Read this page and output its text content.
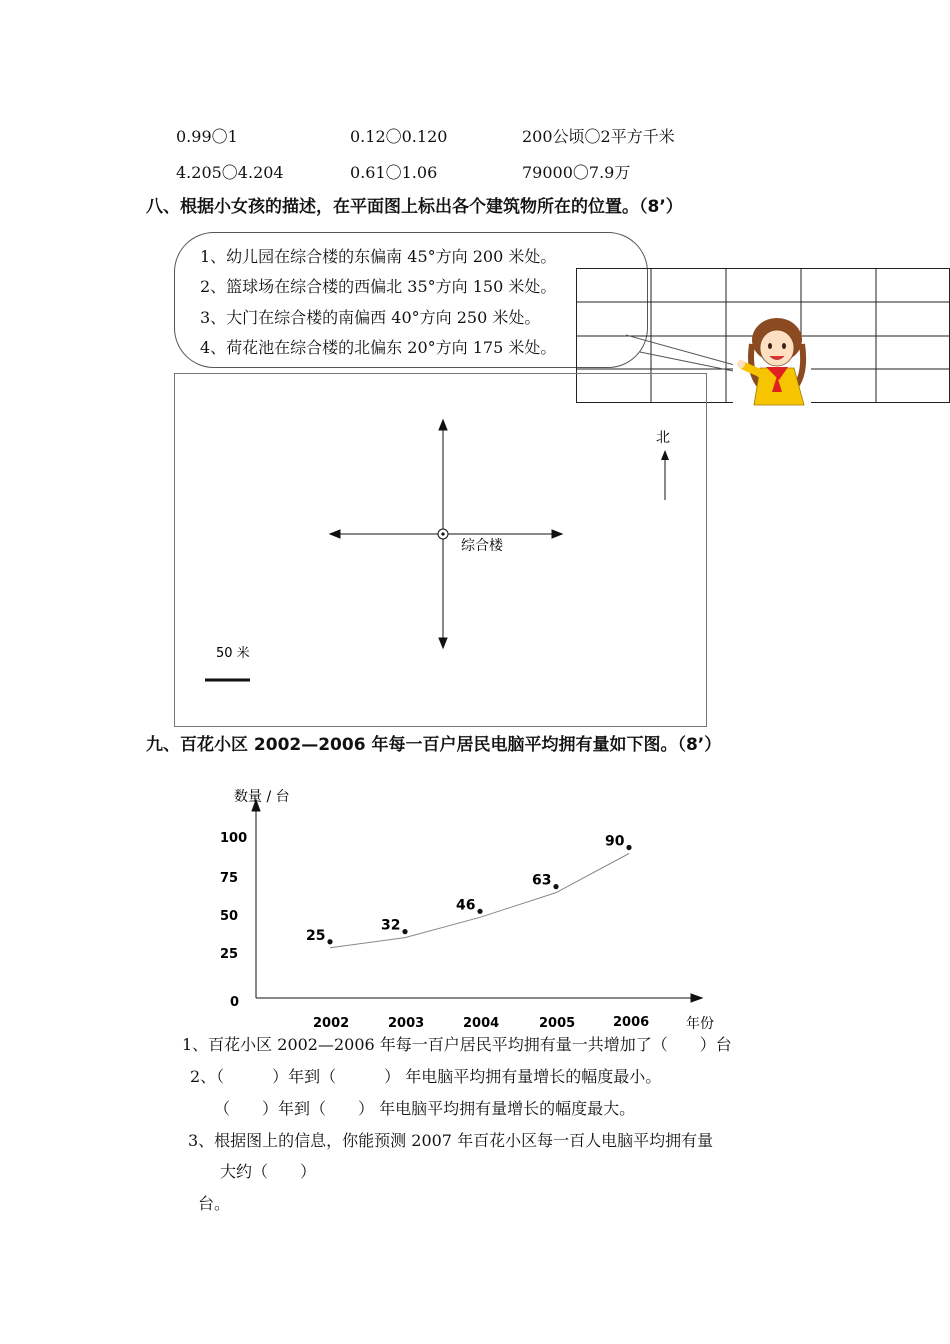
0.99〇1	0.12〇0.120	200公顷〇2平方千米
4.205〇4.204	0.61〇1.06	79000〇7.9万
八、根据小女孩的描述，在平面图上标出各个建筑物所在的位置。（8’）
1、幼儿园在综合楼的东偏南 45°方向 200 米处。
2、篮球场在综合楼的西偏北 35°方向 150 米处。
3、大门在综合楼的南偏西 40°方向 250 米处。
4、荷花池在综合楼的北偏东 20°方向 175 米处。
综合楼
北
50 米
九、百花小区 2002—2006 年每一百户居民电脑平均拥有量如下图。（8’）
数量 / 台
年份
0
25
50
75
100
2002	2003	2004	2005	2006
25
32
46
63
90
1、百花小区 2002—2006 年每一百户居民平均拥有量一共增加了（　　）台
2、（　　　）年到（　　　） 年电脑平均拥有量增长的幅度最小。
（　　）年到（　　） 年电脑平均拥有量增长的幅度最大。
3、根据图上的信息，你能预测 2007 年百花小区每一百人电脑平均拥有量
大约（　　）
台。
